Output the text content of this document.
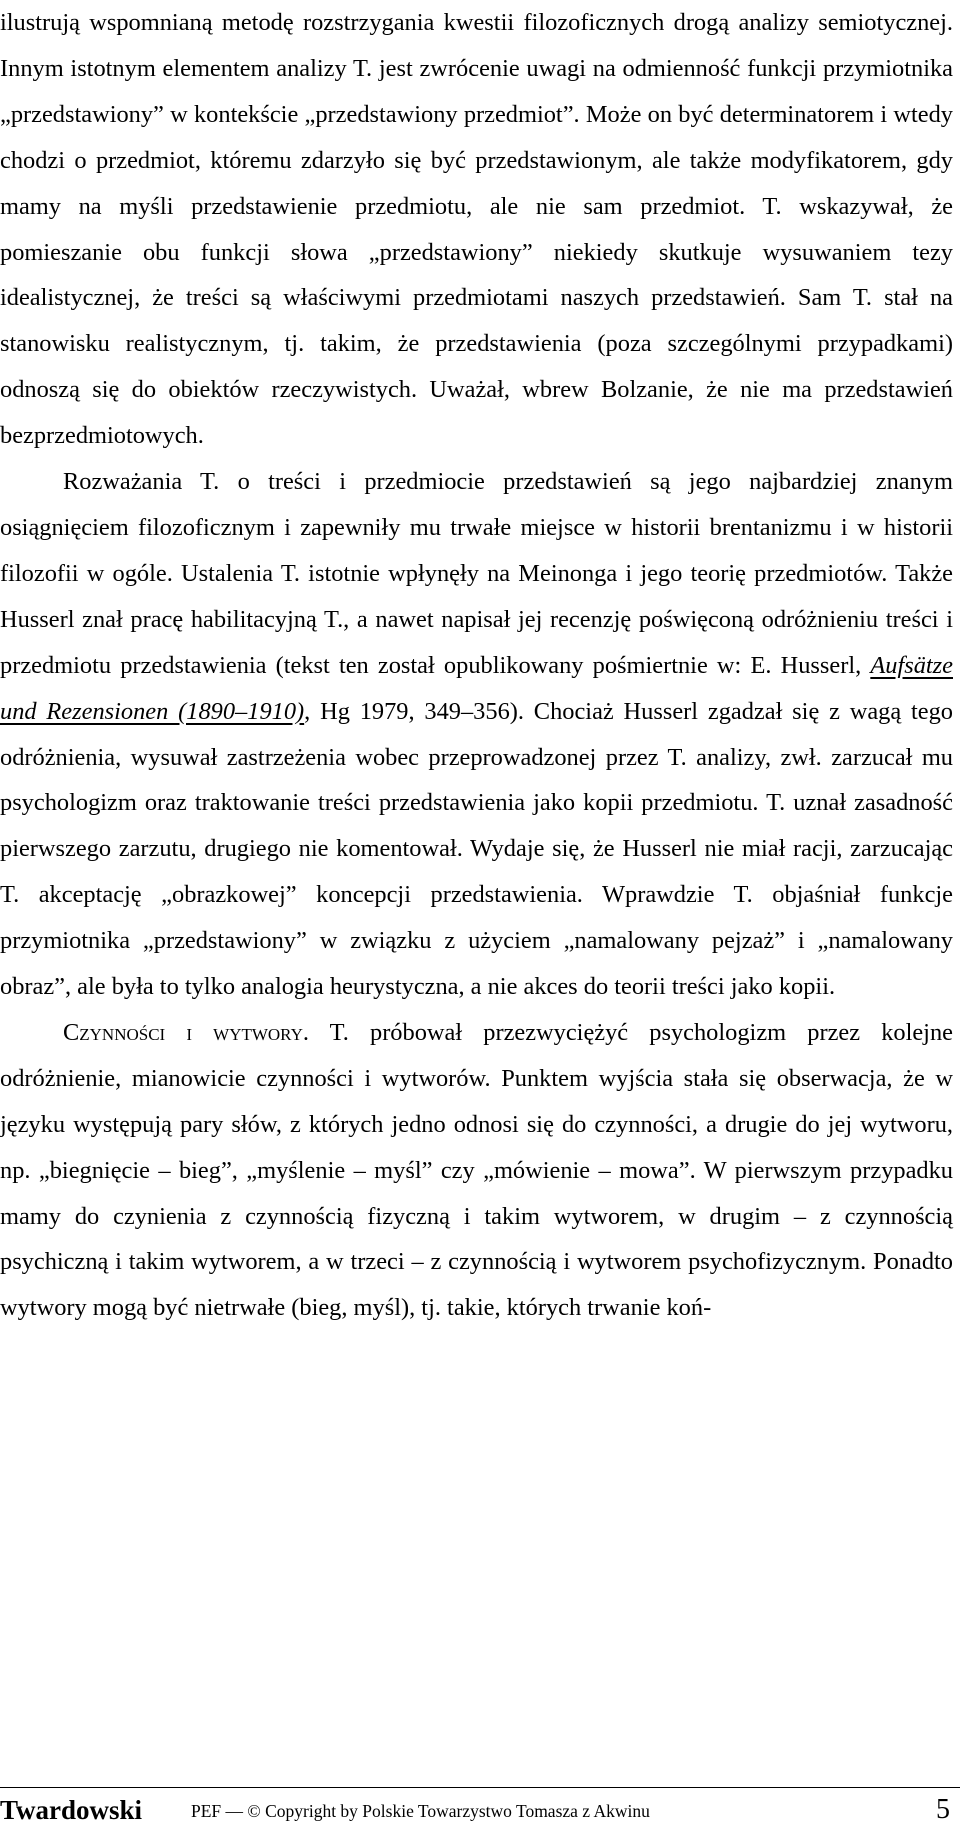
ilustrują wspomnianą metodę rozstrzygania kwestii filozoficznych drogą analizy semiotycznej. Innym istotnym elementem analizy T. jest zwrócenie uwagi na odmienność funkcji przymiotnika „przedstawiony” w kontekście „przedstawiony przedmiot”. Może on być determinatorem i wtedy chodzi o przedmiot, któremu zdarzyło się być przedstawionym, ale także modyfikatorem, gdy mamy na myśli przedstawienie przedmiotu, ale nie sam przedmiot. T. wskazywał, że pomieszanie obu funkcji słowa „przedstawiony” niekiedy skutkuje wysuwaniem tezy idealistycznej, że treści są właściwymi przedmiotami naszych przedstawień. Sam T. stał na stanowisku realistycznym, tj. takim, że przedstawienia (poza szczególnymi przypadkami) odnoszą się do obiektów rzeczywistych. Uważał, wbrew Bolzanie, że nie ma przedstawień bezprzedmiotowych.

Rozważania T. o treści i przedmiocie przedstawień są jego najbardziej znanym osiągnięciem filozoficznym i zapewniły mu trwałe miejsce w historii brentanizmu i w historii filozofii w ogóle. Ustalenia T. istotnie wpłynęły na Meinonga i jego teorię przedmiotów. Także Husserl znał pracę habilitacyjną T., a nawet napisał jej recenzję poświęconą odróżnieniu treści i przedmiotu przedstawienia (tekst ten został opublikowany pośmiertnie w: E. Husserl, Aufsätze und Rezensionen (1890–1910), Hg 1979, 349–356). Chociaż Husserl zgadzał się z wagą tego odróżnienia, wysuwał zastrzeżenia wobec przeprowadzonej przez T. analizy, zwł. zarzucał mu psychologizm oraz traktowanie treści przedstawienia jako kopii przedmiotu. T. uznał zasadność pierwszego zarzutu, drugiego nie komentował. Wydaje się, że Husserl nie miał racji, zarzucając T. akceptację „obrazkowej” koncepcji przedstawienia. Wprawdzie T. objaśniał funkcje przymiotnika „przedstawiony” w związku z użyciem „namalowany pejzaż” i „namalowany obraz”, ale była to tylko analogia heurystyczna, a nie akces do teorii treści jako kopii.

Czynności i wytwory. T. próbował przezwyciężyć psychologizm przez kolejne odróżnienie, mianowicie czynności i wytworów. Punktem wyjścia stała się obserwacja, że w języku występują pary słów, z których jedno odnosi się do czynności, a drugie do jej wytworu, np. „biegnięcie – bieg”, „myślenie – myśl” czy „mówienie – mowa”. W pierwszym przypadku mamy do czynienia z czynnością fizyczną i takim wytworem, w drugim – z czynnością psychiczną i takim wytworem, a w trzeci – z czynnością i wytworem psychofizycznym. Ponadto wytwory mogą być nietrwałe (bieg, myśl), tj. takie, których trwanie koń-

Twardowski	PEF — © Copyright by Polskie Towarzystwo Tomasza z Akwinu	5
